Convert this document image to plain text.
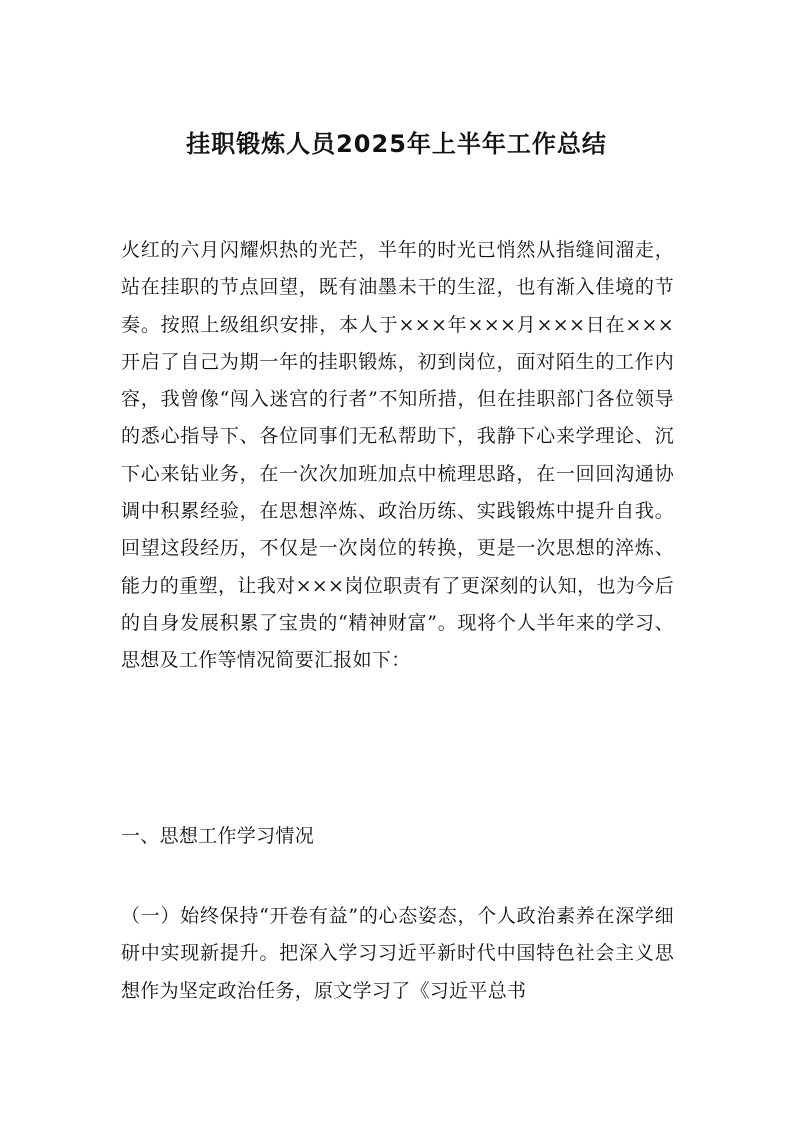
挂职锻炼人员2025年上半年工作总结

火红的六月闪耀炽热的光芒，半年的时光已悄然从指缝间溜走，站在挂职的节点回望，既有油墨未干的生涩，也有渐入佳境的节奏。按照上级组织安排，本人于×××年×××月×××日在×××开启了自己为期一年的挂职锻炼，初到岗位，面对陌生的工作内容，我曾像“闯入迷宫的行者”不知所措，但在挂职部门各位领导的悉心指导下、各位同事们无私帮助下，我静下心来学理论、沉下心来钻业务，在一次次加班加点中梳理思路，在一回回沟通协调中积累经验，在思想淬炼、政治历练、实践锻炼中提升自我。回望这段经历，不仅是一次岗位的转换，更是一次思想的淬炼、能力的重塑，让我对×××岗位职责有了更深刻的认知，也为今后的自身发展积累了宝贵的“精神财富”。现将个人半年来的学习、思想及工作等情况简要汇报如下：

一、思想工作学习情况

（一）始终保持“开卷有益”的心态姿态，个人政治素养在深学细研中实现新提升。把深入学习习近平新时代中国特色社会主义思想作为坚定政治任务，原文学习了《习近平总书
